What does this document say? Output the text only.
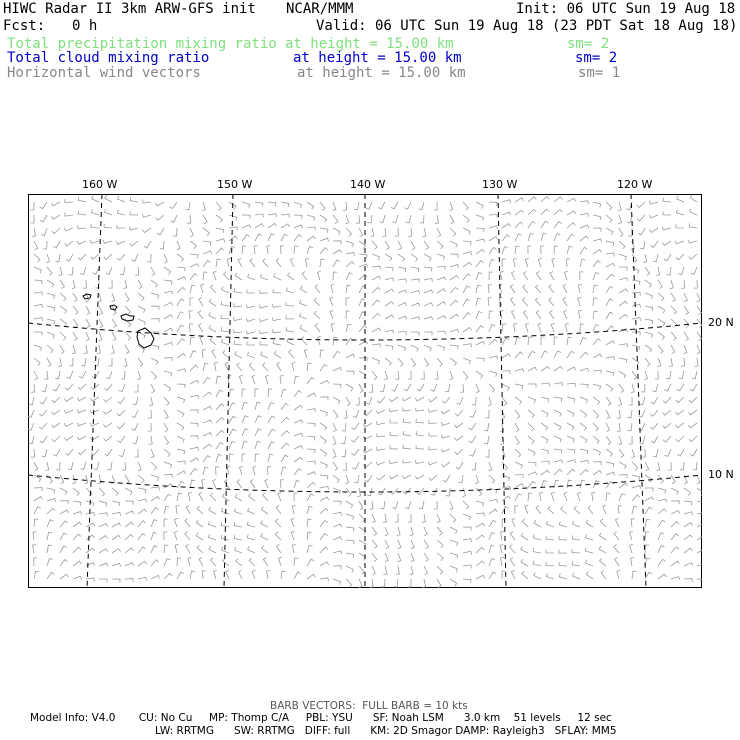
HIWC Radar II 3km ARW-GFS init NCAR/MMM	Init: 06 UTC Sun 19 Aug 18
Fcst: 0 h	Valid: 06 UTC Sun 19 Aug 18 (23 PDT Sat 18 Aug 18)
Total precipitation mixing ratio at height = 15.00 km	sm= 2
Total cloud mixing ratio	at height = 15.00 km	sm= 2
Horizontal wind vectors	at height = 15.00 km	sm= 1
160 W	150 W	140 W	130 W	120 W
20 N
10 N
BARB VECTORS:  FULL BARB = 10 kts
Model Info: V4.0       CU: No Cu     MP: Thomp C/A     PBL: YSU      SF: Noah LSM      3.0 km    51 levels     12 sec
LW: RRTMG      SW: RRTMG   DIFF: full      KM: 2D Smagor DAMP: Rayleigh3   SFLAY: MM5
